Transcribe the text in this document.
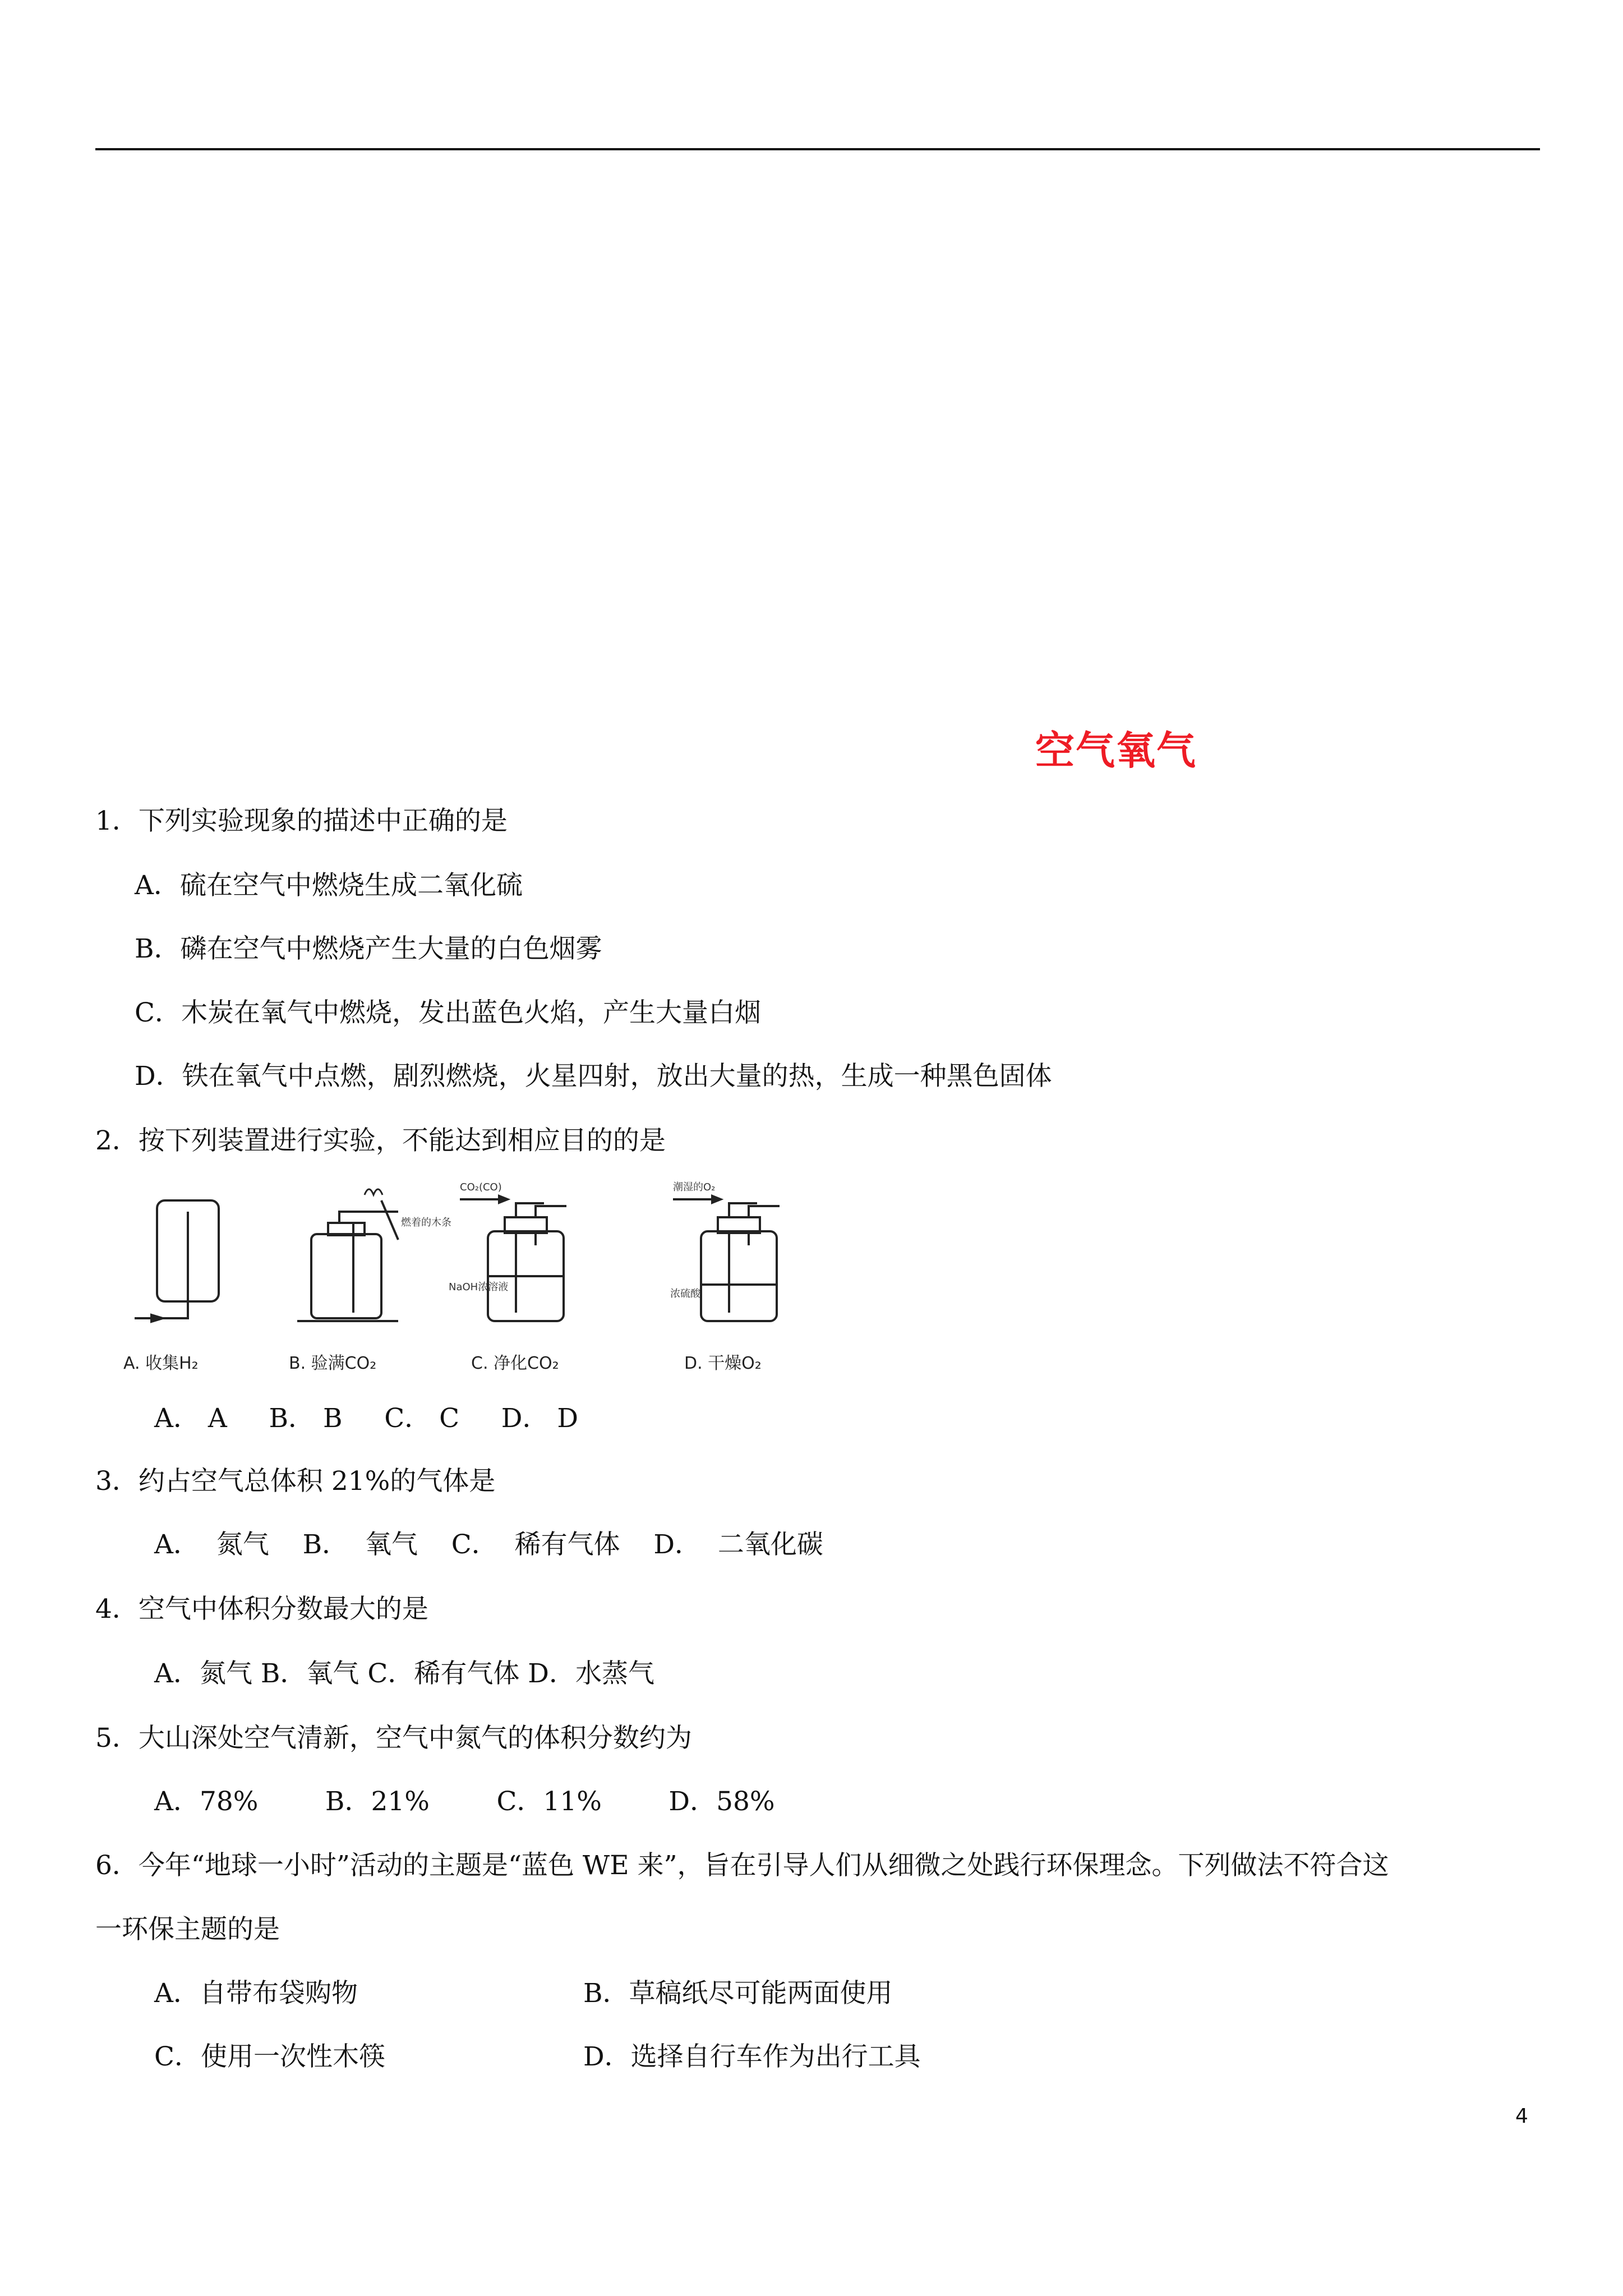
空气氧气
1．下列实验现象的描述中正确的是
A．硫在空气中燃烧生成二氧化硫
B．磷在空气中燃烧产生大量的白色烟雾
C．木炭在氧气中燃烧，发出蓝色火焰，产生大量白烟
D．铁在氧气中点燃，剧烈燃烧，火星四射，放出大量的热，生成一种黑色固体
2．按下列装置进行实验，不能达到相应目的的是
A. 收集H₂
燃着的木条
B. 验满CO₂
CO₂(CO)
NaOH浓溶液
C. 净化CO₂
潮湿的O₂
浓硫酸
D. 干燥O₂
A． A     B． B     C． C     D． D
3．约占空气总体积 21%的气体是
A．  氮气    B．  氧气    C．  稀有气体    D．  二氧化碳
4．空气中体积分数最大的是
A．氮气 B．氧气 C．稀有气体 D．水蒸气
5．大山深处空气清新，空气中氮气的体积分数约为
A．78%        B．21%        C．11%        D．58%
6．今年“地球一小时”活动的主题是“蓝色 WE 来”，旨在引导人们从细微之处践行环保理念。下列做法不符合这
一环保主题的是
A．自带布袋购物	B．草稿纸尽可能两面使用
C．使用一次性木筷	D．选择自行车作为出行工具
4
